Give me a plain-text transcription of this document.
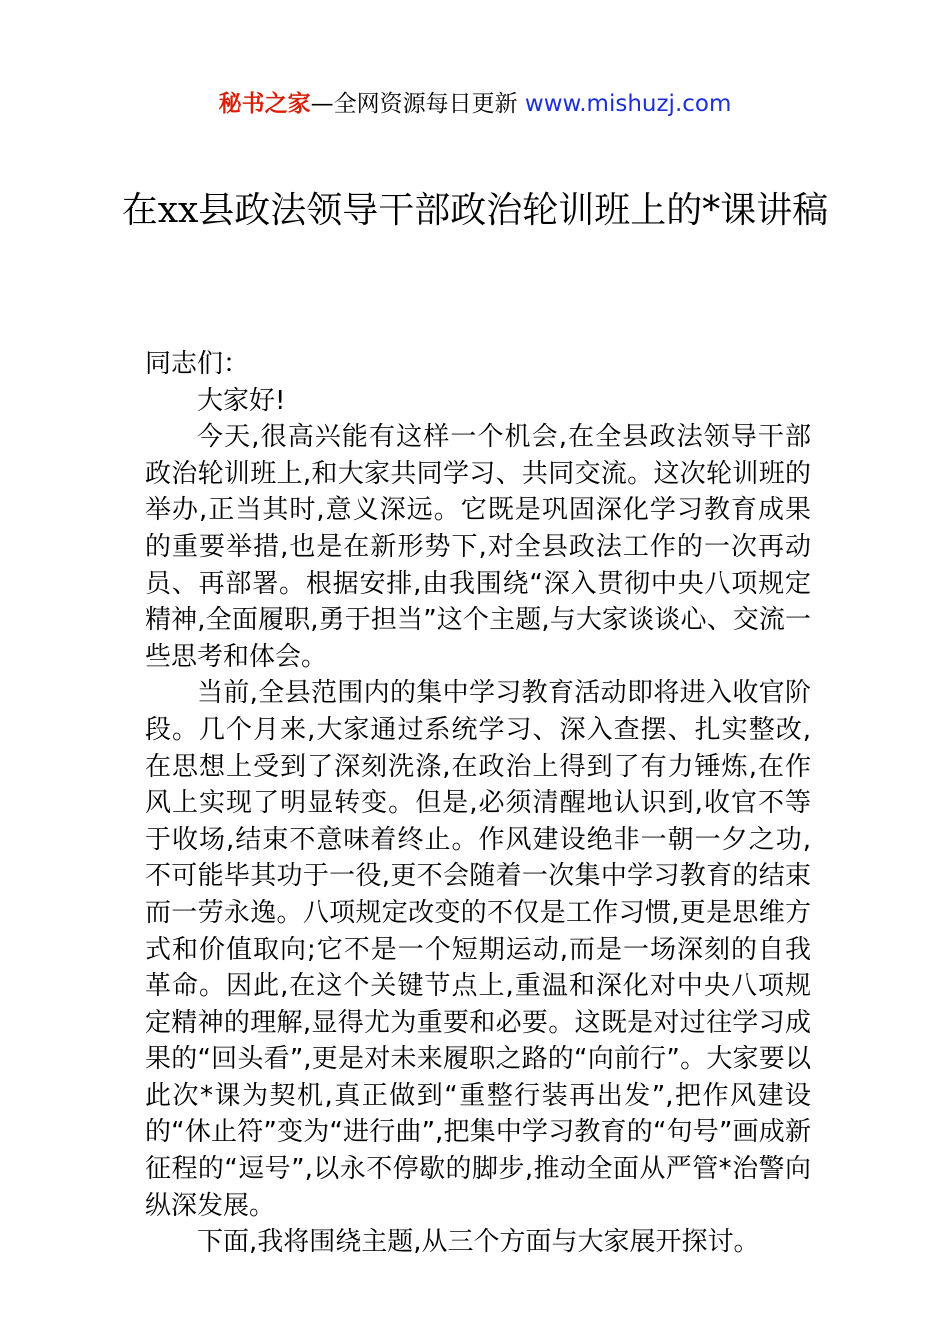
秘书之家—全网资源每日更新 www.mishuzj.com
在xx县政法领导干部政治轮训班上的*课讲稿

同志们：

大家好!

今天,很高兴能有这样一个机会,在全县政法领导干部政治轮训班上,和大家共同学习、共同交流。这次轮训班的举办,正当其时,意义深远。它既是巩固深化学习教育成果的重要举措,也是在新形势下,对全县政法工作的一次再动员、再部署。根据安排,由我围绕“深入贯彻中央八项规定精神,全面履职,勇于担当”这个主题,与大家谈谈心、交流一些思考和体会。

当前,全县范围内的集中学习教育活动即将进入收官阶段。几个月来,大家通过系统学习、深入查摆、扎实整改,在思想上受到了深刻洗涤,在政治上得到了有力锤炼,在作风上实现了明显转变。但是,必须清醒地认识到,收官不等于收场,结束不意味着终止。作风建设绝非一朝一夕之功,不可能毕其功于一役,更不会随着一次集中学习教育的结束而一劳永逸。八项规定改变的不仅是工作习惯,更是思维方式和价值取向;它不是一个短期运动,而是一场深刻的自我革命。因此,在这个关键节点上,重温和深化对中央八项规定精神的理解,显得尤为重要和必要。这既是对过往学习成果的“回头看”,更是对未来履职之路的“向前行”。大家要以此次*课为契机,真正做到“重整行装再出发”,把作风建设的“休止符”变为“进行曲”,把集中学习教育的“句号”画成新征程的“逗号”,以永不停歇的脚步,推动全面从严管*治警向纵深发展。

下面,我将围绕主题,从三个方面与大家展开探讨。
